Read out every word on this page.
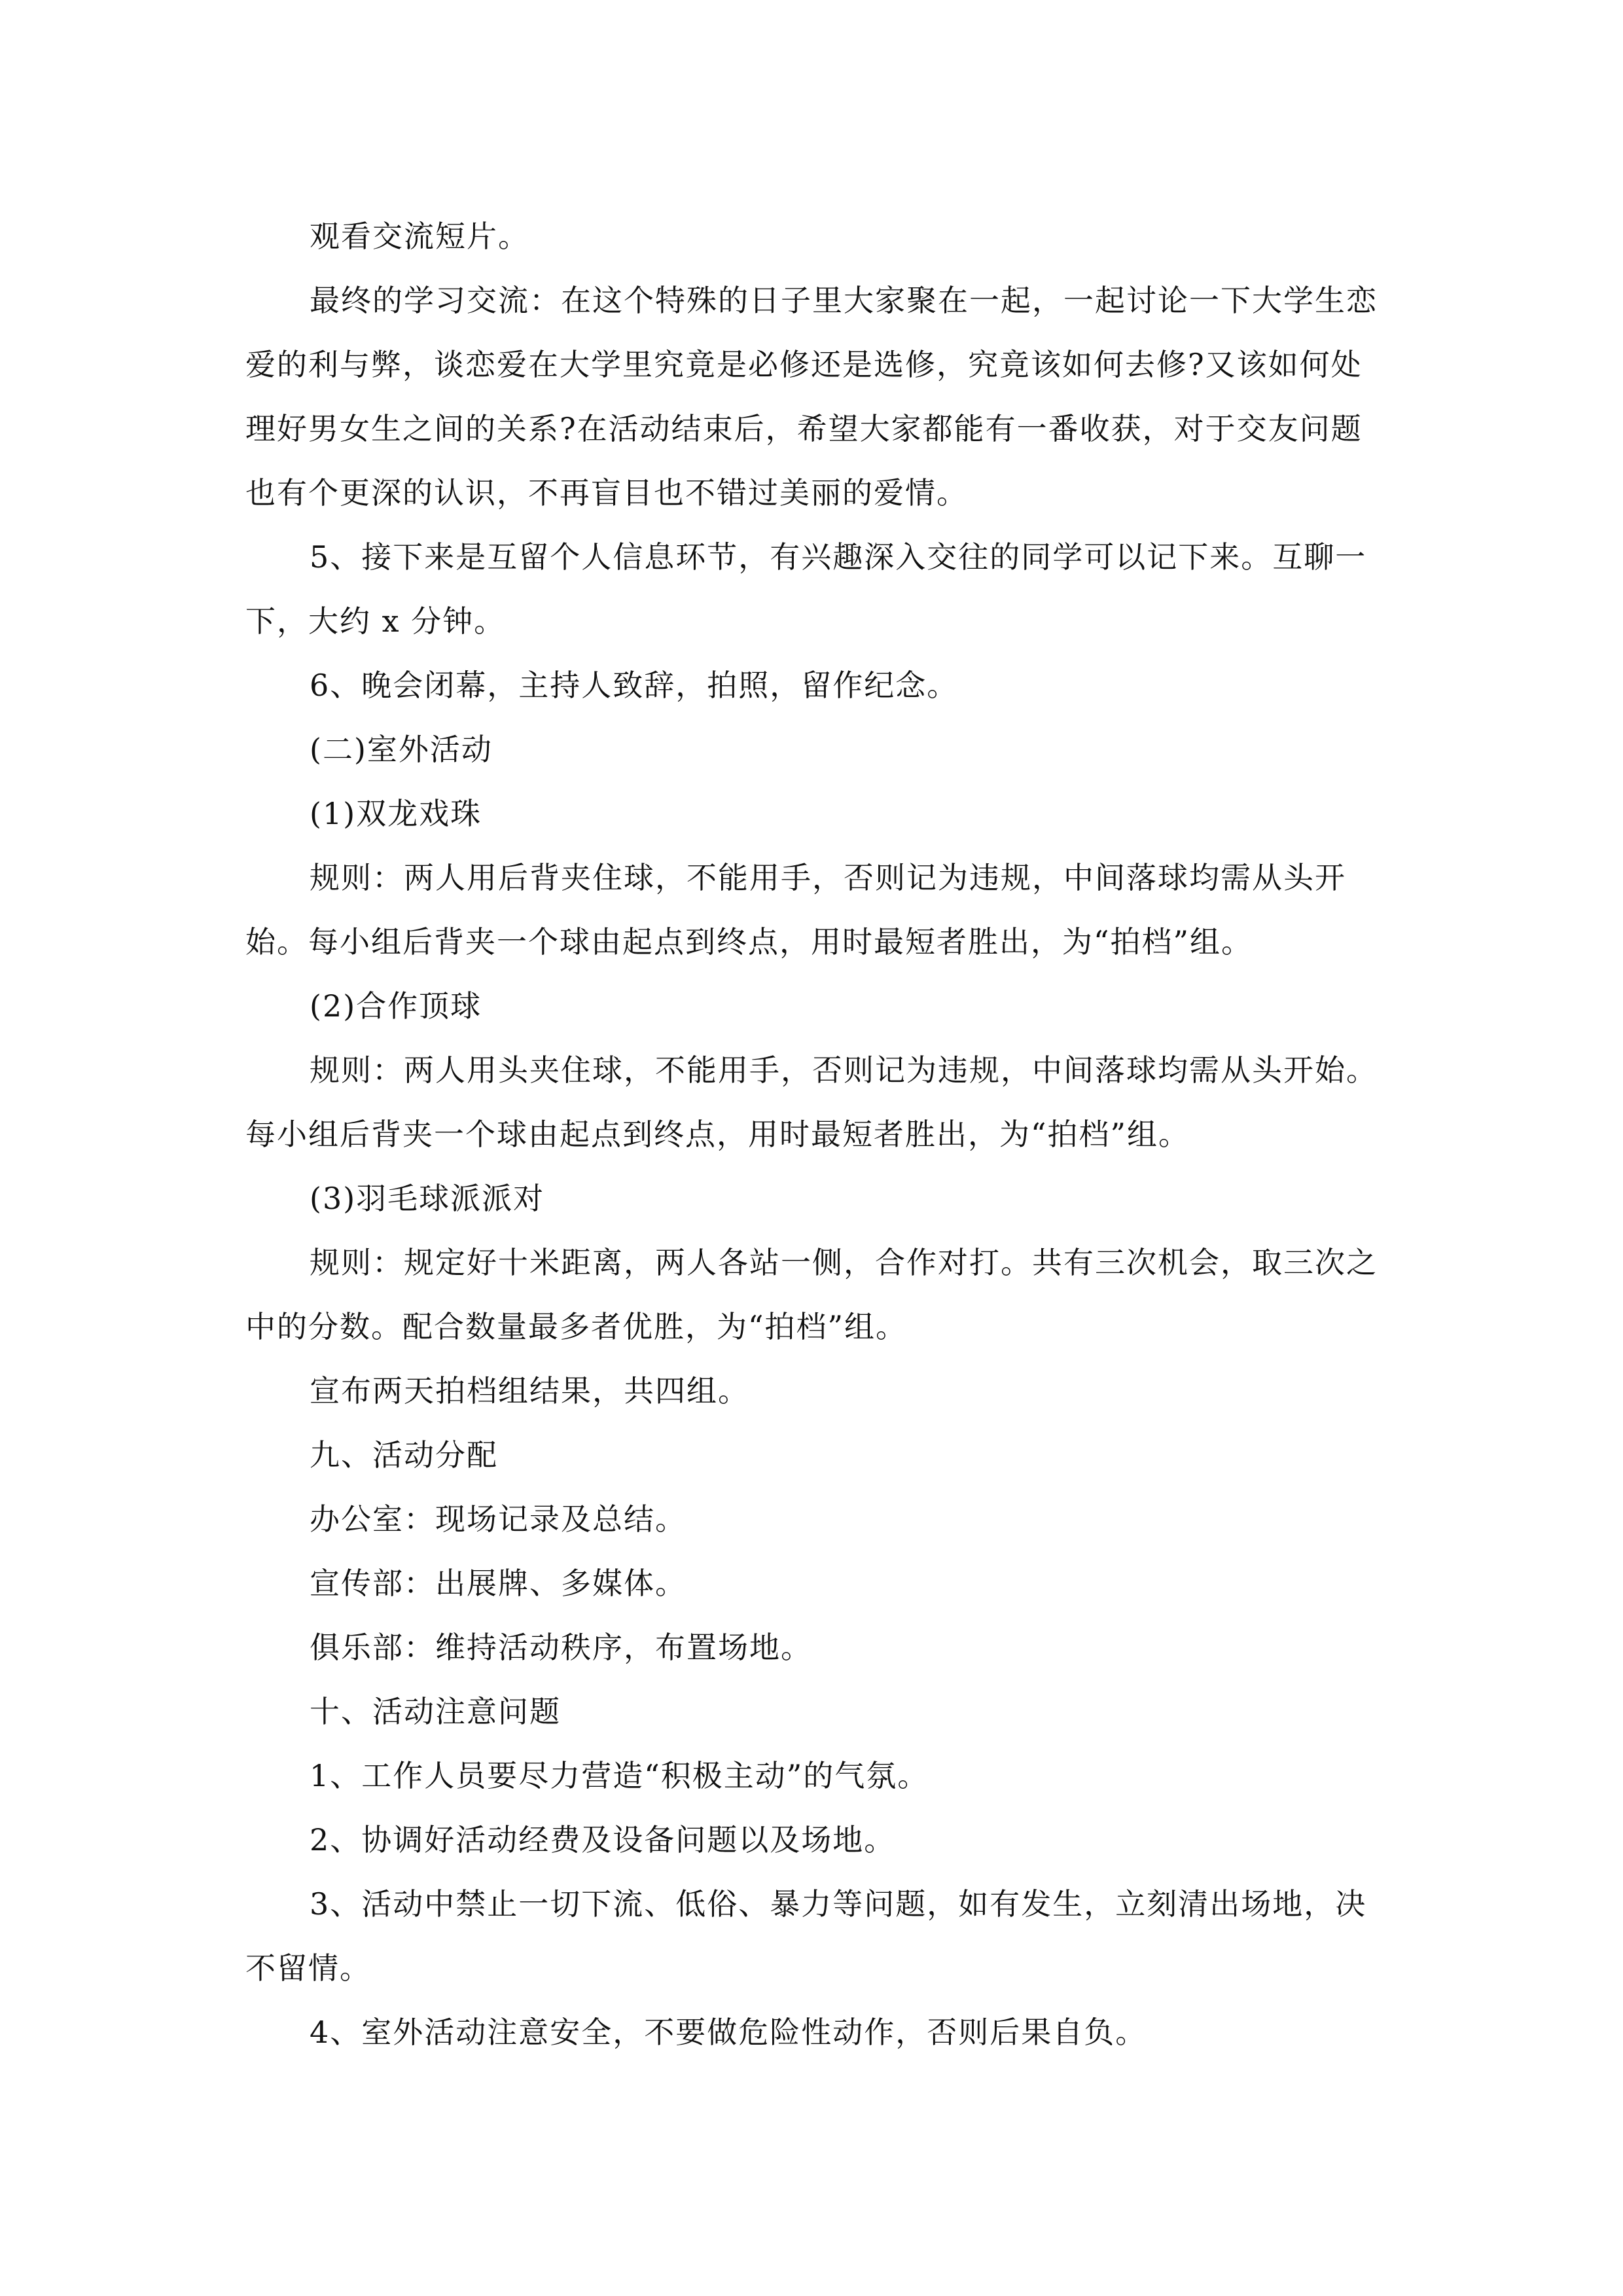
观看交流短片。

最终的学习交流：在这个特殊的日子里大家聚在一起，一起讨论一下大学生恋爱的利与弊，谈恋爱在大学里究竟是必修还是选修，究竟该如何去修?又该如何处理好男女生之间的关系?在活动结束后，希望大家都能有一番收获，对于交友问题也有个更深的认识，不再盲目也不错过美丽的爱情。

5、接下来是互留个人信息环节，有兴趣深入交往的同学可以记下来。互聊一下，大约 x 分钟。

6、晚会闭幕，主持人致辞，拍照，留作纪念。

(二)室外活动

(1)双龙戏珠

规则：两人用后背夹住球，不能用手，否则记为违规，中间落球均需从头开始。每小组后背夹一个球由起点到终点，用时最短者胜出，为“拍档”组。

(2)合作顶球

规则：两人用头夹住球，不能用手，否则记为违规，中间落球均需从头开始。每小组后背夹一个球由起点到终点，用时最短者胜出，为“拍档”组。

(3)羽毛球派派对

规则：规定好十米距离，两人各站一侧，合作对打。共有三次机会，取三次之中的分数。配合数量最多者优胜，为“拍档”组。

宣布两天拍档组结果，共四组。

九、活动分配

办公室：现场记录及总结。

宣传部：出展牌、多媒体。

俱乐部：维持活动秩序，布置场地。

十、活动注意问题

1、工作人员要尽力营造“积极主动”的气氛。

2、协调好活动经费及设备问题以及场地。

3、活动中禁止一切下流、低俗、暴力等问题，如有发生，立刻清出场地，决不留情。

4、室外活动注意安全，不要做危险性动作，否则后果自负。
